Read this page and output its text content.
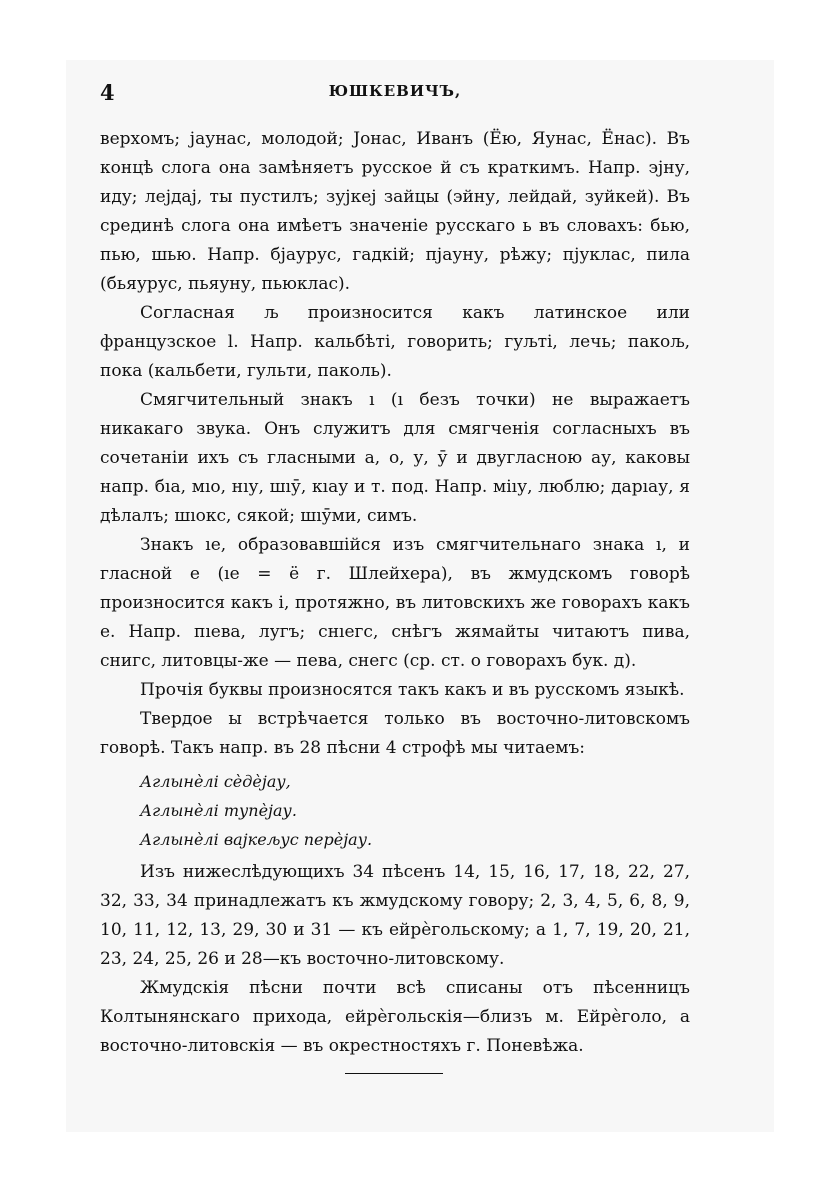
4	ЮШКЕВИЧЪ,

верхомъ; јаунас, молодой; Јонас, Иванъ (Ёю, Яунас, Ёнас). Въ концѣ слога она замѣняетъ русское й съ краткимъ. Напр. эјну, иду; лејдај, ты пустилъ; зујкеј зайцы (эйну, лейдай, зуйкей). Въ срединѣ слога она имѣетъ значеніе русскаго ь въ словахъ: бью, пью, шью. Напр. бјаурус, гадкій; пјауну, рѣжу; пјуклас, пила (бьяурус, пьяуну, пьюклас).

Согласная љ произносится какъ латинское или французское l. Напр. кальбѣті, говорить; гуљті, лечь; пакољ, пока (кальбети, гульти, паколь).

Смягчительный знакъ ı (ı безъ точки) не выражаетъ никакаго звука. Онъ служитъ для смягченія согласныхъ въ сочетаніи ихъ съ гласными а, о, у, ӯ и двугласною ау, каковы напр. бıа, мıо, нıу, шıӯ, кıау и т. под. Напр. міıу, люблю; дарıау, я дѣлалъ; шıокс, сякой; шıӯми, симъ.

Знакъ ıе, образовавшійся изъ смягчительнаго знака ı, и гласной е (ıе = ё г. Шлейхера), въ жмудскомъ говорѣ произносится какъ і, протяжно, въ литовскихъ же говорахъ какъ е. Напр. пıева, лугъ; снıегс, снѣгъ жямайты читаютъ пива, снигс, литовцы-же — пева, снегс (ср. ст. о говорахъ бук. д).

Прочія буквы произносятся такъ какъ и въ русскомъ языкѣ.

Твердое ы встрѣчается только въ восточно-литовскомъ говорѣ. Такъ напр. въ 28 пѣсни 4 строфѣ мы читаемъ:

Аглынѐлі сѐдѐјау,
Аглынѐлі тупѐјау.
Аглынѐлі вајкељус перѐјау.

Изъ нижеслѣдующихъ 34 пѣсенъ 14, 15, 16, 17, 18, 22, 27, 32, 33, 34 принадлежатъ къ жмудскому говору; 2, 3, 4, 5, 6, 8, 9, 10, 11, 12, 13, 29, 30 и 31 — къ ейрѐгольскому; а 1, 7, 19, 20, 21, 23, 24, 25, 26 и 28—къ восточно-литовскому.

Жмудскія пѣсни почти всѣ списаны отъ пѣсенницъ Колтынянскаго прихода, ейрѐгольскія—близъ м. Ейрѐголо, а восточно-литовскія — въ окрестностяхъ г. Поневѣжа.
